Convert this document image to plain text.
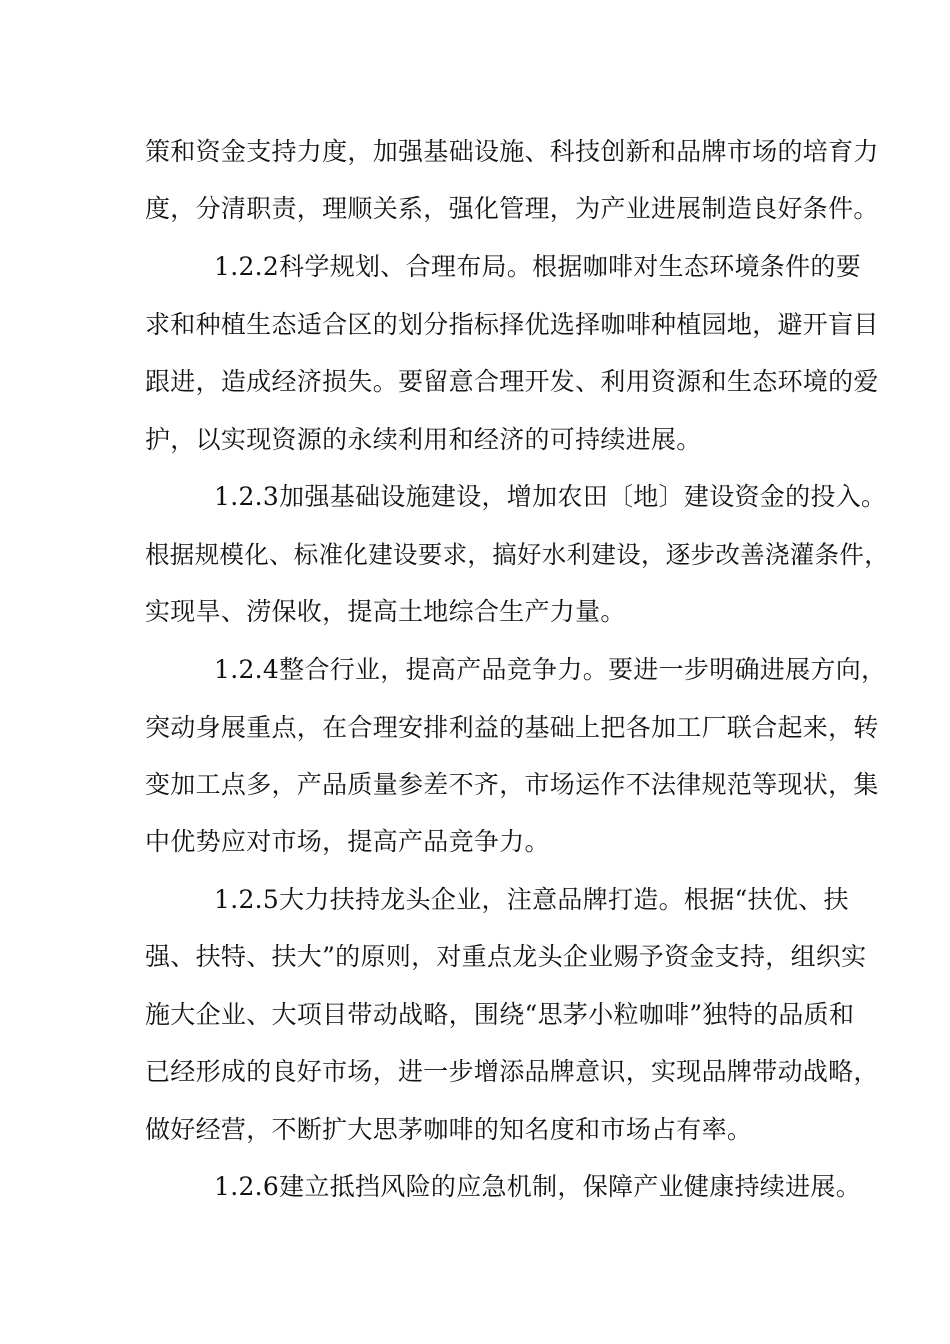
策和资金支持力度，加强基础设施、科技创新和品牌市场的培育力
度，分清职责，理顺关系，强化管理，为产业进展制造良好条件。
1.2.2科学规划、合理布局。根据咖啡对生态环境条件的要
求和种植生态适合区的划分指标择优选择咖啡种植园地，避开盲目
跟进，造成经济损失。要留意合理开发、利用资源和生态环境的爱
护，以实现资源的永续利用和经济的可持续进展。
1.2.3加强基础设施建设，增加农田〔地〕建设资金的投入。
根据规模化、标准化建设要求，搞好水利建设，逐步改善浇灌条件，
实现旱、涝保收，提高土地综合生产力量。
1.2.4整合行业，提高产品竞争力。要进一步明确进展方向，
突动身展重点，在合理安排利益的基础上把各加工厂联合起来，转
变加工点多，产品质量参差不齐，市场运作不法律规范等现状，集
中优势应对市场，提高产品竞争力。
1.2.5大力扶持龙头企业，注意品牌打造。根据“扶优、扶
强、扶特、扶大”的原则，对重点龙头企业赐予资金支持，组织实
施大企业、大项目带动战略，围绕“思茅小粒咖啡”独特的品质和
已经形成的良好市场，进一步增添品牌意识，实现品牌带动战略，
做好经营，不断扩大思茅咖啡的知名度和市场占有率。
1.2.6建立抵挡风险的应急机制，保障产业健康持续进展。
